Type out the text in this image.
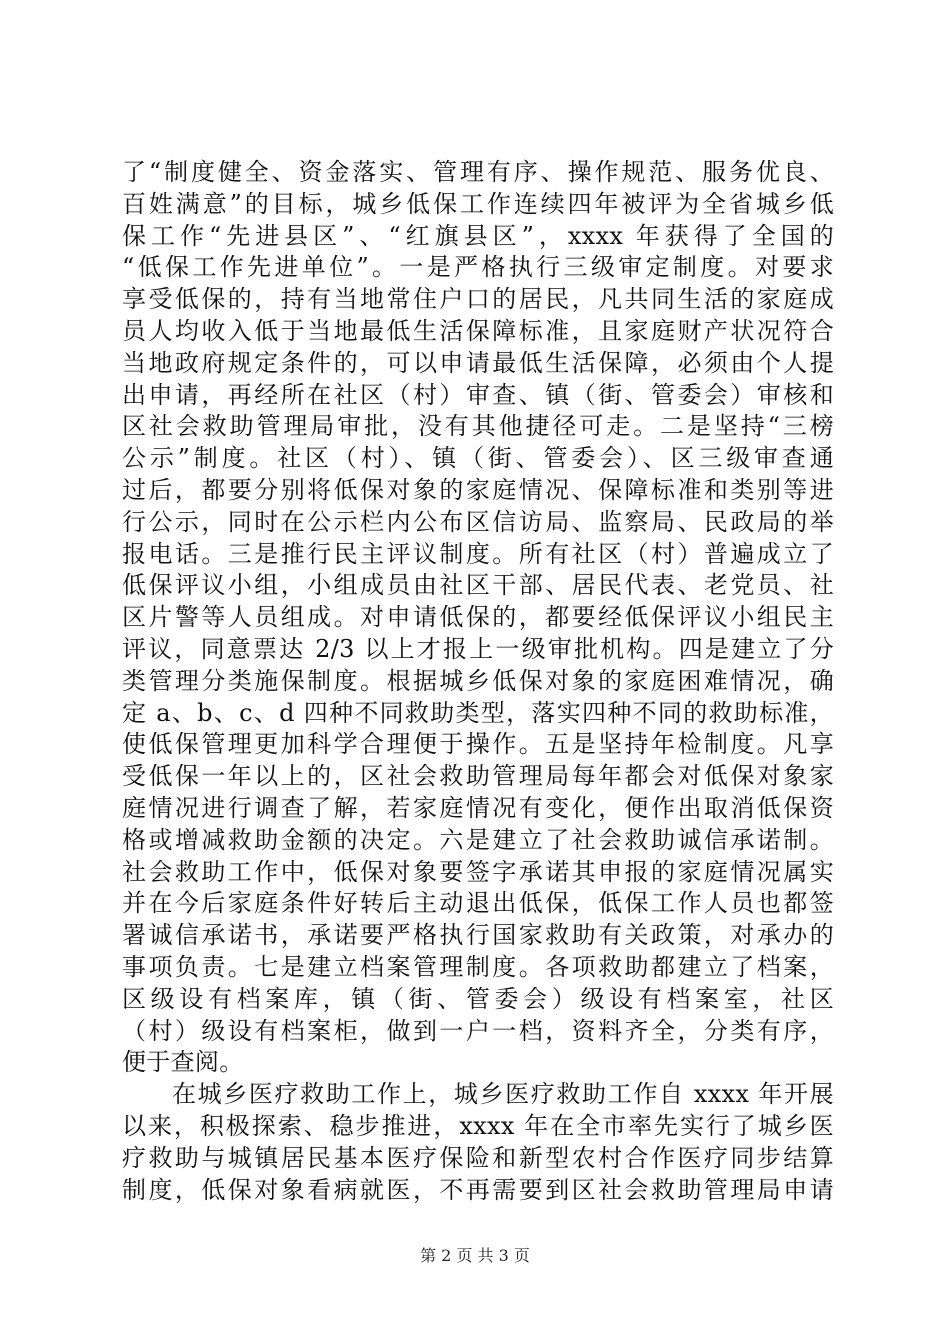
了“制度健全、资金落实、管理有序、操作规范、服务优良、
百姓满意”的目标，城乡低保工作连续四年被评为全省城乡低
保工作“先进县区”、“红旗县区”，xxxx 年获得了全国的
“低保工作先进单位”。一是严格执行三级审定制度。对要求
享受低保的，持有当地常住户口的居民，凡共同生活的家庭成
员人均收入低于当地最低生活保障标准，且家庭财产状况符合
当地政府规定条件的，可以申请最低生活保障，必须由个人提
出申请，再经所在社区（村）审查、镇（街、管委会）审核和
区社会救助管理局审批，没有其他捷径可走。二是坚持“三榜
公示”制度。社区（村）、镇（街、管委会）、区三级审查通
过后，都要分别将低保对象的家庭情况、保障标准和类别等进
行公示，同时在公示栏内公布区信访局、监察局、民政局的举
报电话。三是推行民主评议制度。所有社区（村）普遍成立了
低保评议小组，小组成员由社区干部、居民代表、老党员、社
区片警等人员组成。对申请低保的，都要经低保评议小组民主
评议，同意票达 2/3 以上才报上一级审批机构。四是建立了分
类管理分类施保制度。根据城乡低保对象的家庭困难情况，确
定 a、b、c、d 四种不同救助类型，落实四种不同的救助标准，
使低保管理更加科学合理便于操作。五是坚持年检制度。凡享
受低保一年以上的，区社会救助管理局每年都会对低保对象家
庭情况进行调查了解，若家庭情况有变化，便作出取消低保资
格或增减救助金额的决定。六是建立了社会救助诚信承诺制。
社会救助工作中，低保对象要签字承诺其申报的家庭情况属实
并在今后家庭条件好转后主动退出低保，低保工作人员也都签
署诚信承诺书，承诺要严格执行国家救助有关政策，对承办的
事项负责。七是建立档案管理制度。各项救助都建立了档案，
区级设有档案库，镇（街、管委会）级设有档案室，社区
（村）级设有档案柜，做到一户一档，资料齐全，分类有序，
便于查阅。
在城乡医疗救助工作上，城乡医疗救助工作自 xxxx 年开展
以来，积极探索、稳步推进，xxxx 年在全市率先实行了城乡医
疗救助与城镇居民基本医疗保险和新型农村合作医疗同步结算
制度，低保对象看病就医，不再需要到区社会救助管理局申请
第 2 页 共 3 页
